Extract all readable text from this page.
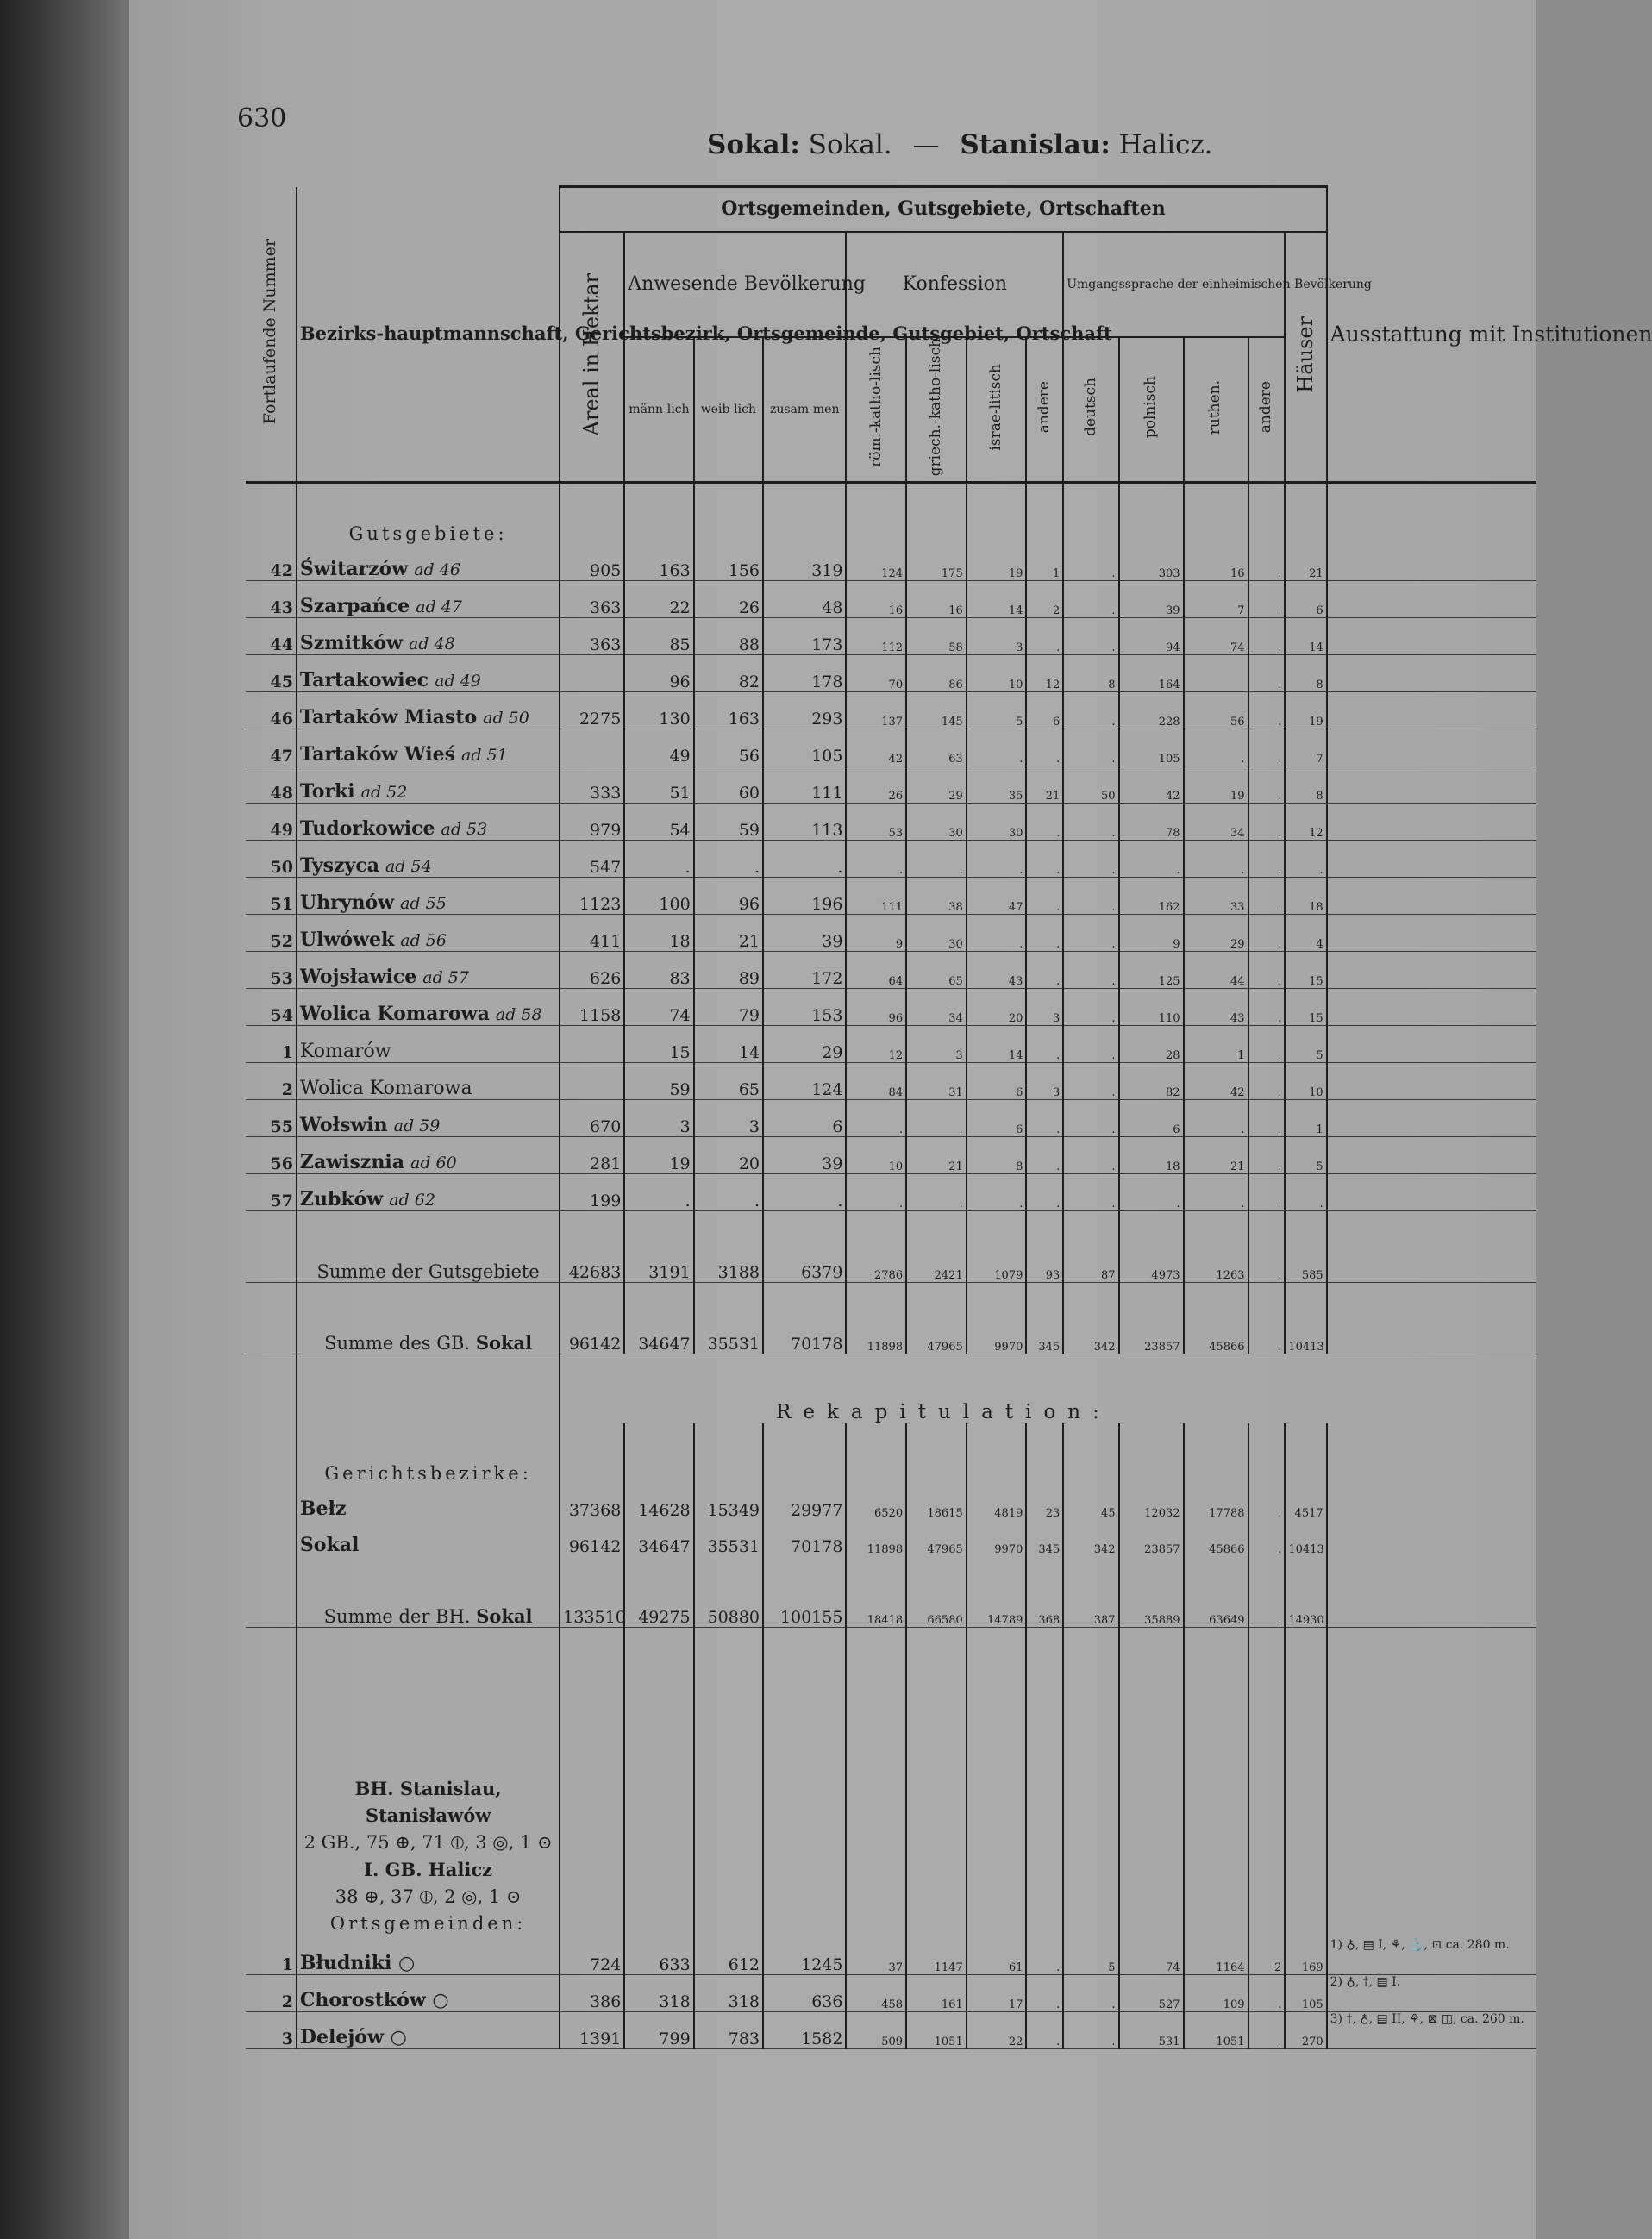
630
Sokal: Sokal. — Stanislau: Halicz.
Fortlaufende Nummer	Bezirks-hauptmannschaft, Gerichtsbezirk, Ortsgemeinde, Gutsgebiet, Ortschaft	Ortsgemeinden, Gutsgebiete, Ortschaften													Ausstattung mit Institutionen
		Areal in Hektar	Anwesende Bevölkerung			Konfession				Umgangssprache der einheimischen Bevölkerung				Häuser	

			männ-lich	weib-lich	zusam-men	röm.-katho-lisch	griech.-katho-lisch	israe-litisch	andere	deutsch	polnisch	ruthen.	andere		
	Gutsgebiete:														
42	Świtarzów ad 46	905	163	156	319	124	175	19	1	.	303	16	.	21	
43	Szarpańce ad 47	363	22	26	48	16	16	14	2	.	39	7	.	6	
44	Szmitków ad 48	363	85	88	173	112	58	3	.	.	94	74	.	14	
45	Tartakowiec ad 49		96	82	178	70	86	10	12	8	164		.	8	
46	Tartaków Miasto ad 50	2275	130	163	293	137	145	5	6	.	228	56	.	19	
47	Tartaków Wieś ad 51		49	56	105	42	63	.	.	.	105	.	.	7	
48	Torki ad 52	333	51	60	111	26	29	35	21	50	42	19	.	8	
49	Tudorkowice ad 53	979	54	59	113	53	30	30	.	.	78	34	.	12	
50	Tyszyca ad 54	547	.	.	.	.	.	.	.	.	.	.	.	.	
51	Uhrynów ad 55	1123	100	96	196	111	38	47	.	.	162	33	.	18	
52	Ulwówek ad 56	411	18	21	39	9	30	.	.	.	9	29	.	4	
53	Wojsławice ad 57	626	83	89	172	64	65	43	.	.	125	44	.	15	
54	Wolica Komarowa ad 58	1158	74	79	153	96	34	20	3	.	110	43	.	15	
1	Komarów		15	14	29	12	3	14	.	.	28	1	.	5	
2	Wolica Komarowa		59	65	124	84	31	6	3	.	82	42	.	10	
55	Wołswin ad 59	670	3	3	6	.	.	6	.	.	6	.	.	1	
56	Zawisznia ad 60	281	19	20	39	10	21	8	.	.	18	21	.	5	
57	Zubków ad 62	199	.	.	.	.	.	.	.	.	.	.	.	.	

	Summe der Gutsgebiete	42683	3191	3188	6379	2786	2421	1079	93	87	4973	1263	.	585	

	Summe des GB. Sokal	96142	34647	35531	70178	11898	47965	9970	345	342	23857	45866	.	10413	
		Rekapitulation:													
	Gerichtsbezirke:														
	Bełz	37368	14628	15349	29977	6520	18615	4819	23	45	12032	17788	.	4517	
	Sokal	96142	34647	35531	70178	11898	47965	9970	345	342	23857	45866	.	10413	

	Summe der BH. Sokal	133510	49275	50880	100155	18418	66580	14789	368	387	35889	63649	.	14930	

	BH. Stanislau, Stanisławów
2 GB., 75 ⊕, 71 ⦶, 3 ◎, 1 ⊙
I. GB. Halicz
38 ⊕, 37 ⦶, 2 ◎, 1 ⊙
Ortsgemeinden:														

1	Błudniki ○	724	633	612	1245	37	1147	61	.	5	74	1164	2	169	1) ♁, ▤ I, ⚘, ⚓, ⊡ ca. 280 m.
2	Chorostków ○	386	318	318	636	458	161	17	.	.	527	109	.	105	2) ♁, †, ▤ I.
3	Delejów ○	1391	799	783	1582	509	1051	22	.	.	531	1051	.	270	3) †, ♁, ▤ II, ⚘, ⊠ ◫, ca. 260 m.
